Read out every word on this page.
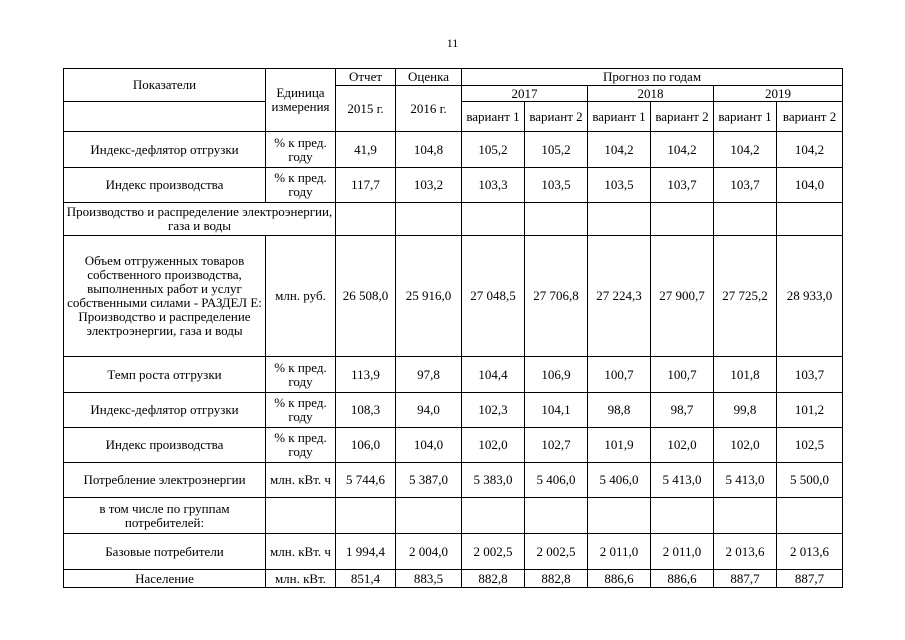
11
Показатели	Единица измерения	Отчет	Оценка	Прогноз по годам					
		2015 г.	2016 г.	2017		2018		2019	
				вариант 1	вариант 2	вариант 1	вариант 2	вариант 1	вариант 2
Индекс-дефлятор отгрузки	% к пред. году	41,9	104,8	105,2	105,2	104,2	104,2	104,2	104,2
Индекс производства	% к пред. году	117,7	103,2	103,3	103,5	103,5	103,7	103,7	104,0
Производство и распределение электроэнергии, газа и воды									
Объем отгруженных товаров собственного производства, выполненных работ и услуг собственными силами - РАЗДЕЛ Е: Производство и распределение электроэнергии, газа и воды	млн. руб.	26 508,0	25 916,0	27 048,5	27 706,8	27 224,3	27 900,7	27 725,2	28 933,0
Темп роста отгрузки	% к пред. году	113,9	97,8	104,4	106,9	100,7	100,7	101,8	103,7
Индекс-дефлятор отгрузки	% к пред. году	108,3	94,0	102,3	104,1	98,8	98,7	99,8	101,2
Индекс производства	% к пред. году	106,0	104,0	102,0	102,7	101,9	102,0	102,0	102,5
Потребление электроэнергии	млн. кВт. ч	5 744,6	5 387,0	5 383,0	5 406,0	5 406,0	5 413,0	5 413,0	5 500,0
в том числе по группам потребителей:									
Базовые потребители	млн. кВт. ч	1 994,4	2 004,0	2 002,5	2 002,5	2 011,0	2 011,0	2 013,6	2 013,6
Население	млн. кВт.	851,4	883,5	882,8	882,8	886,6	886,6	887,7	887,7
